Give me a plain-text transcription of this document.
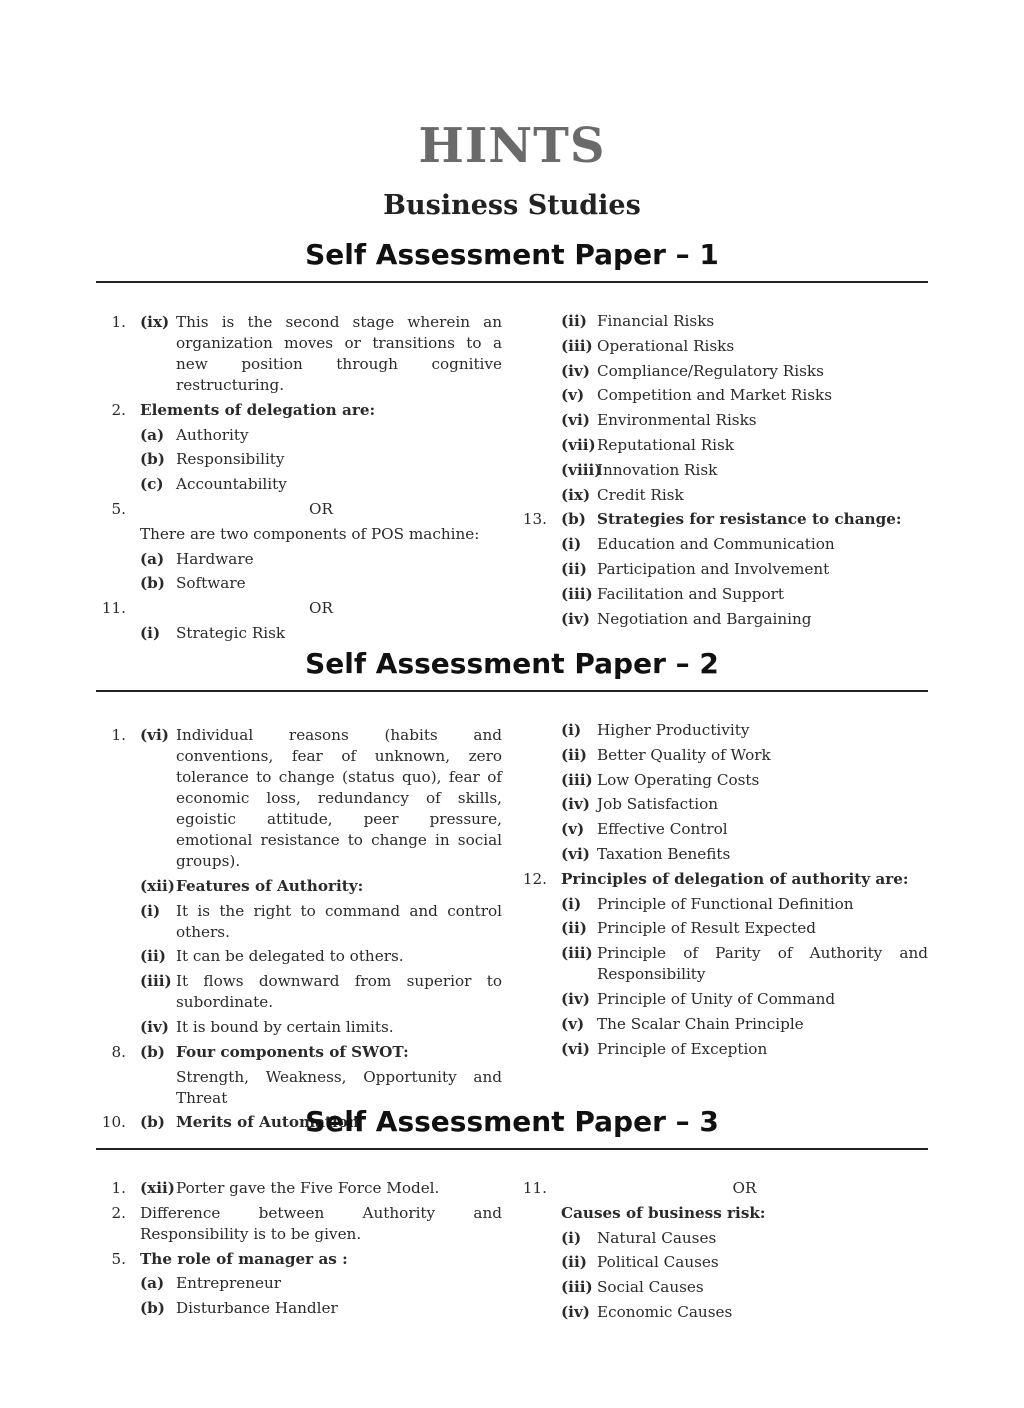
HINTS
Business Studies
Self Assessment Paper – 1
1. (ix) This is the second stage wherein an organization moves or transitions to a new position through cognitive restructuring.
2. Elements of delegation are:
(a) Authority
(b) Responsibility
(c) Accountability
5.	OR
There are two components of POS machine:
(a) Hardware
(b) Software
11.	OR
(i) Strategic Risk
(ii) Financial Risks
(iii) Operational Risks
(iv) Compliance/Regulatory Risks
(v) Competition and Market Risks
(vi) Environmental Risks
(vii) Reputational Risk
(viii)
Innovation Risk
(ix) Credit Risk
13. (b) Strategies for resistance to change:
(i) Education and Communication
(ii) Participation and Involvement
(iii) Facilitation and Support
(iv) Negotiation and Bargaining
Self Assessment Paper – 2
1. (vi) Individual reasons (habits and conventions, fear of unknown, zero tolerance to change (status quo), fear of economic loss, redundancy of skills, egoistic attitude, peer pressure, emotional resistance to change in social groups).
(xii) Features of Authority:
(i) It is the right to command and control others.
(ii) It can be delegated to others.
(iii) It flows downward from superior to subordinate.
(iv) It is bound by certain limits.
8. (b) Four components of SWOT:
Strength, Weakness, Opportunity and Threat
10. (b) Merits of Automation
(i) Higher Productivity
(ii) Better Quality of Work
(iii) Low Operating Costs
(iv) Job Satisfaction
(v) Effective Control
(vi) Taxation Benefits
12. Principles of delegation of authority are:
(i) Principle of Functional Definition
(ii) Principle of Result Expected
(iii) Principle of Parity of Authority and Responsibility
(iv) Principle of Unity of Command
(v) The Scalar Chain Principle
(vi) Principle of Exception
Self Assessment Paper – 3
1. (xii) Porter gave the Five Force Model.
2. Difference between Authority and Responsibility is to be given.
5. The role of manager as :
(a) Entrepreneur
(b) Disturbance Handler
11.	OR
Causes of business risk:
(i) Natural Causes
(ii) Political Causes
(iii) Social Causes
(iv) Economic Causes
